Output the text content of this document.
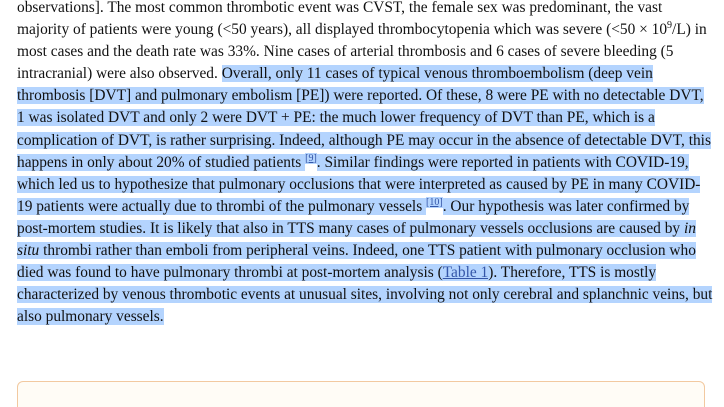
observations]. The most common thrombotic event was CVST, the female sex was predominant, the vast majority of patients were young (<50 years), all displayed thrombocytopenia which was severe $(<50 \times 10^9/L)$ in most cases and the death rate was 33%. Nine cases of arterial thrombosis and 6 cases of severe bleeding (5 intracranial) were also observed. Overall, only 11 cases of typical venous thromboembolism (deep vein thrombosis [DVT] and pulmonary embolism [PE]) were reported. Of these, 8 were PE with no detectable DVT, 1 was isolated DVT and only 2 were DVT + PE: the much lower frequency of DVT than PE, which is a complication of DVT, is rather surprising. Indeed, although PE may occur in the absence of detectable DVT, this happens in only about 20% of studied patients [9]. Similar findings were reported in patients with COVID-19, which led us to hypothesize that pulmonary occlusions that were interpreted as caused by PE in many COVID-19 patients were actually due to thrombi of the pulmonary vessels [10]. Our hypothesis was later confirmed by post-mortem studies. It is likely that also in TTS many cases of pulmonary vessels occlusions are caused by in situ thrombi rather than emboli from peripheral veins. Indeed, one TTS patient with pulmonary occlusion who died was found to have pulmonary thrombi at post-mortem analysis (Table 1). Therefore, TTS is mostly characterized by venous thrombotic events at unusual sites, involving not only cerebral and splanchnic veins, but also pulmonary vessels.
